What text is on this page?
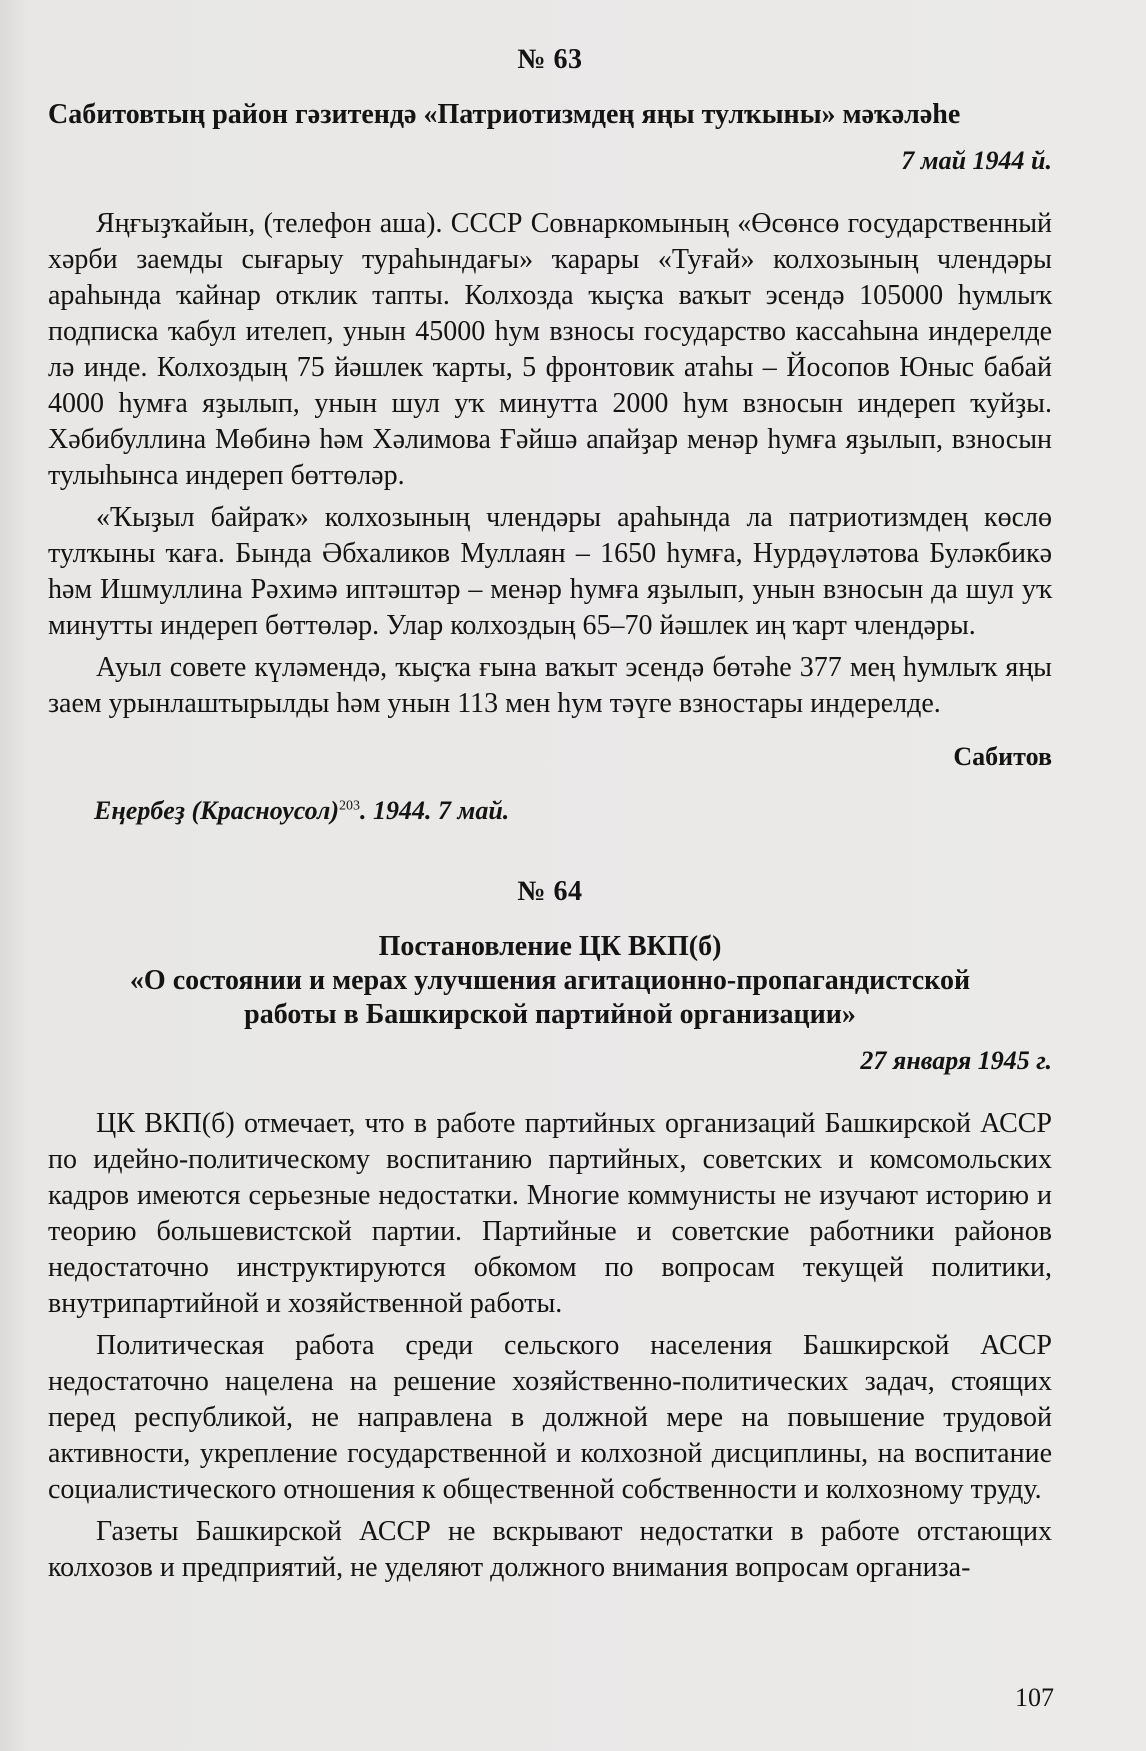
№ 63
Сабитовтың район гәзитендә «Патриотизмдең яңы тулҡыны» мәҡәләһе
7 май 1944 й.

Яңғыҙҡайын, (телефон аша). СССР Совнаркомының «Өсөнсө государственный хәрби заемды сығарыу тураһындағы» ҡарары «Туғай» колхозының члендәры араһында ҡайнар отклик тапты. Колхозда ҡыҫҡа ваҡыт эсендә 105000 һумлыҡ подписка ҡабул ителеп, унын 45000 һум взносы государство кассаһына индерелде лә инде. Колхоздың 75 йәшлек ҡарты, 5 фронтовик атаһы – Йосопов Юныс бабай 4000 һумға яҙылып, унын шул уҡ минутта 2000 һум взносын индереп ҡуйҙы. Хәбибуллина Мөбинә һәм Хәлимова Ғәйшә апайҙар менәр һумға яҙылып, взносын тулыһынса индереп бөттөләр.

«Ҡыҙыл байраҡ» колхозының члендәры араһында ла патриотизмдең көслө тулҡыны ҡаға. Бында Әбхаликов Муллаян – 1650 һумға, Нурдәүләтова Буләкбикә һәм Ишмуллина Рәхимә иптәштәр – менәр һумға яҙылып, унын взносын да шул уҡ минутты индереп бөттөләр. Улар колхоздың 65–70 йәшлек иң ҡарт члендәры.

Ауыл совете күләмендә, ҡыҫҡа ғына ваҡыт эсендә бөтәһе 377 мең һумлыҡ яңы заем урынлаштырылды һәм унын 113 мен һум тәүге взностары индерелде.

Сабитов
Еңербеҙ (Красноусол)$^{203}$. 1944. 7 май.
№ 64
Постановление ЦК ВКП(б)
«О состоянии и мерах улучшения агитационно-пропагандистской работы в Башкирской партийной организации»
27 января 1945 г.

ЦК ВКП(б) отмечает, что в работе партийных организаций Башкирской АССР по идейно-политическому воспитанию партийных, советских и комсомольских кадров имеются серьезные недостатки. Многие коммунисты не изучают историю и теорию большевистской партии. Партийные и советские работники районов недостаточно инструктируются обкомом по вопросам текущей политики, внутрипартийной и хозяйственной работы.

Политическая работа среди сельского населения Башкирской АССР недостаточно нацелена на решение хозяйственно-политических задач, стоящих перед республикой, не направлена в должной мере на повышение трудовой активности, укрепление государственной и колхозной дисциплины, на воспитание социалистического отношения к общественной собственности и колхозному труду.

Газеты Башкирской АССР не вскрывают недостатки в работе отстающих колхозов и предприятий, не уделяют должного внимания вопросам организа-

107
